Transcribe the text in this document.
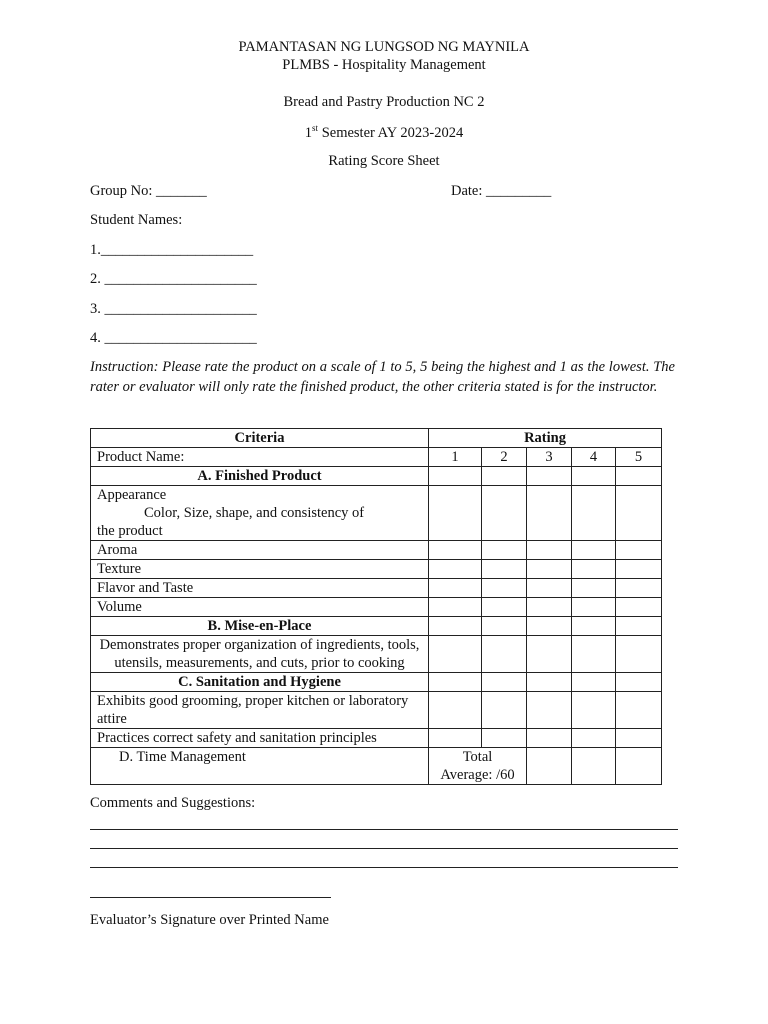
PAMANTASAN NG LUNGSOD NG MAYNILA
PLMBS - Hospitality Management
Bread and Pastry Production NC 2
1st Semester AY 2023-2024
Rating Score Sheet
Group No: _______	Date: _________
Student Names:
1._____________________
2. _____________________
3. _____________________
4. _____________________
Instruction: Please rate the product on a scale of 1 to 5, 5 being the highest and 1 as the lowest. The rater or evaluator will only rate the finished product, the other criteria stated is for the instructor.
Criteria	Rating				
Product Name:	1	2	3	4	5
A. Finished Product					

Appearance
Color, Size, shape, and consistency of
the product					

Aroma					
Texture					
Flavor and Taste					
Volume					
B. Mise-en-Place					
Demonstrates proper organization of ingredients, tools, utensils, measurements, and cuts, prior to cooking					
C. Sanitation and Hygiene					
Exhibits good grooming, proper kitchen or laboratory attire					
Practices correct safety and sanitation principles					
D. Time Management	Total Average: /60				
Comments and Suggestions:
Evaluator’s Signature over Printed Name
